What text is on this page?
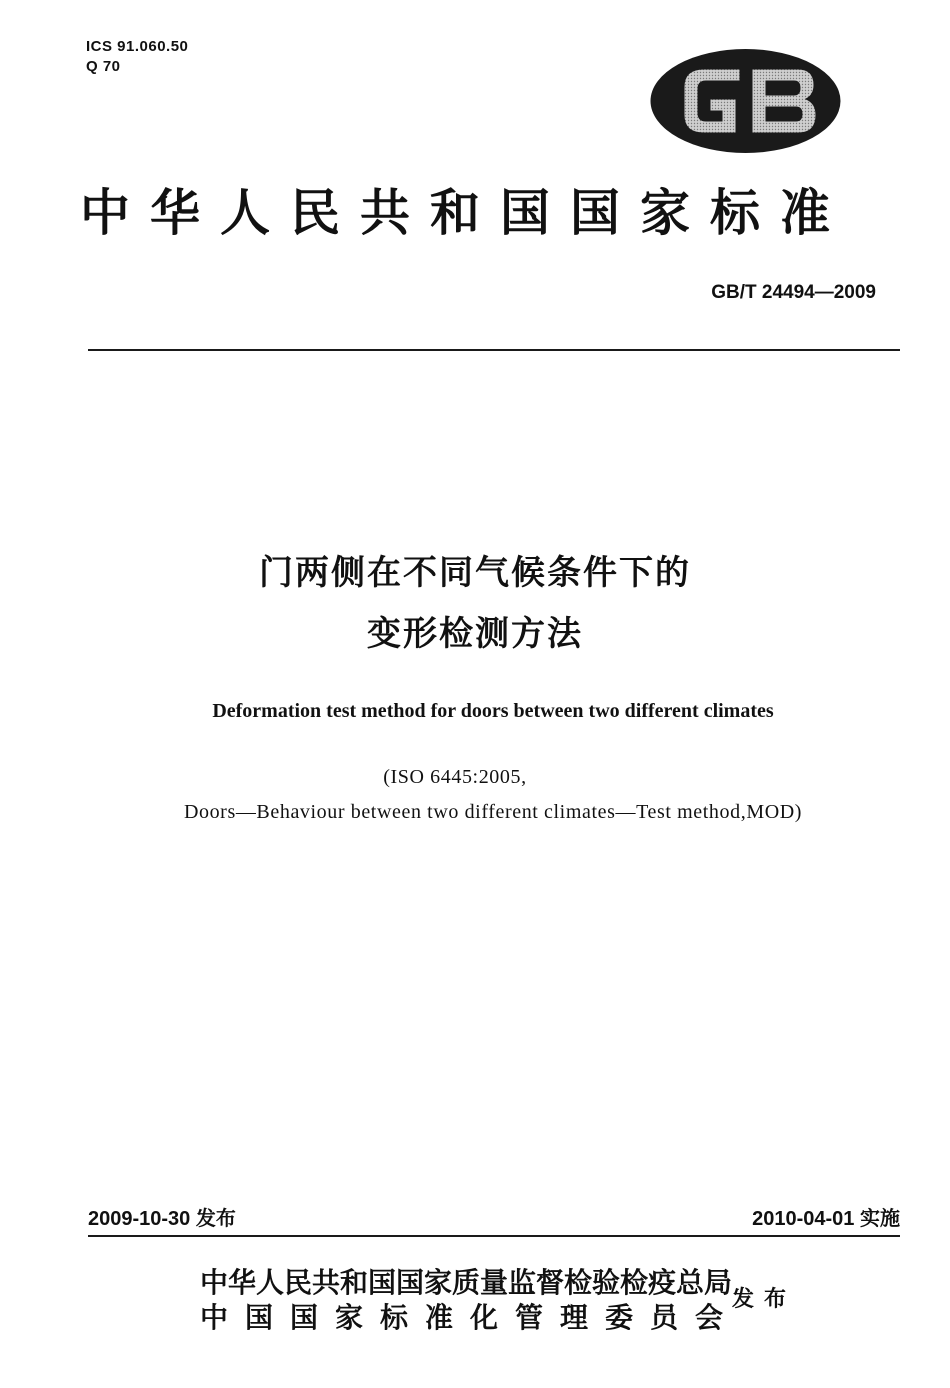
ICS 91.060.50
Q 70
中华人民共和国国家标准
GB/T 24494—2009
门两侧在不同气候条件下的
变形检测方法
Deformation test method for doors between two different climates
(ISO 6445:2005,
Doors—Behaviour between two different climates—Test method,MOD)
2009-10-30 发布	2010-04-01 实施
中华人民共和国国家质量监督检验检疫总局
中国国家标准化管理委员会
发布
